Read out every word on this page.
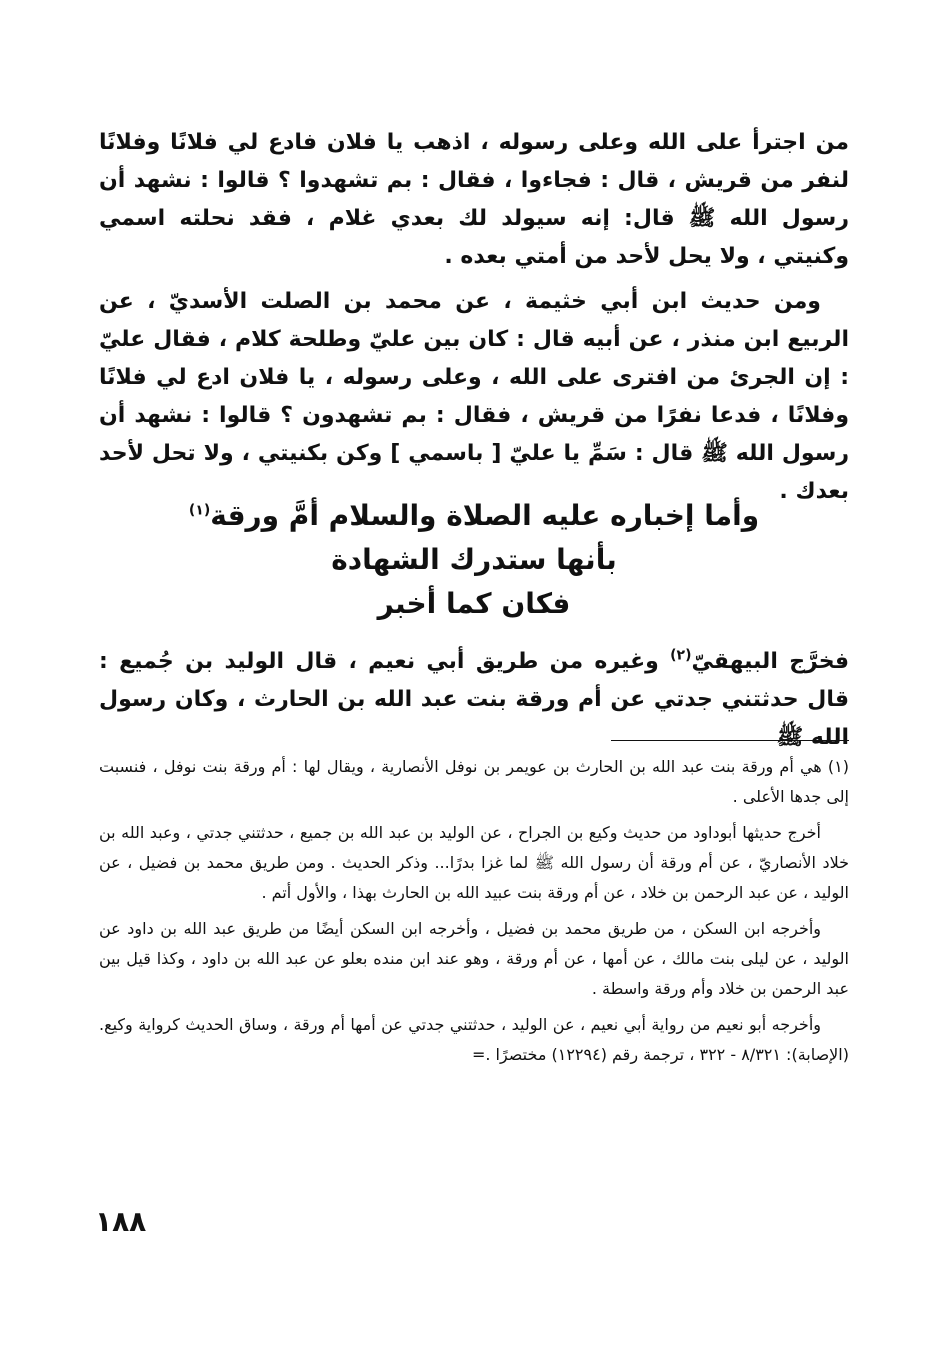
من اجترأ على الله وعلى رسوله ، اذهب يا فلان فادع لي فلانًا وفلانًا لنفر من قريش ، قال : فجاءوا ، فقال : بم تشهدوا ؟ قالوا : نشهد أن رسول الله ﷺ قال: إنه سيولد لك بعدي غلام ، فقد نحلته اسمي وكنيتي ، ولا يحل لأحد من أمتي بعده .

ومن حديث ابن أبي خثيمة ، عن محمد بن الصلت الأسديّ ، عن الربيع ابن منذر ، عن أبيه قال : كان بين عليّ وطلحة كلام ، فقال عليّ : إن الجرئ من افترى على الله ، وعلى رسوله ، يا فلان ادع لي فلانًا وفلانًا ، فدعا نفرًا من قريش ، فقال : بم تشهدون ؟ قالوا : نشهد أن رسول الله ﷺ قال : سَمِّ يا عليّ [ باسمي ] وكن بكنيتي ، ولا تحل لأحد بعدك .

وأما إخباره عليه الصلاة والسلام أمَّ ورقة$^{(١)}$
بأنها ستدرك الشهادة
فكان كما أخبر
فخرَّج البيهقيّ$^{(٢)}$ وغيره من طريق أبي نعيم ، قال الوليد بن جُميع : قال حدثتني جدتي عن أم ورقة بنت عبد الله بن الحارث ، وكان رسول الله ﷺ

(١) هي أم ورقة بنت عبد الله بن الحارث بن عويمر بن نوفل الأنصارية ، ويقال لها : أم ورقة بنت نوفل ، فنسبت إلى جدها الأعلى .

أخرج حديثها أبوداود من حديث وكيع بن الجراح ، عن الوليد بن عبد الله بن جميع ، حدثتني جدتي ، وعبد الله بن خلاد الأنصاريّ ، عن أم ورقة أن رسول الله ﷺ لما غزا بدرًا... وذكر الحديث . ومن طريق محمد بن فضيل ، عن الوليد ، عن عبد الرحمن بن خلاد ، عن أم ورقة بنت عبيد الله بن الحارث بهذا ، والأول أتم .

وأخرجه ابن السكن ، من طريق محمد بن فضيل ، وأخرجه ابن السكن أيضًا من طريق عبد الله بن داود عن الوليد ، عن ليلى بنت مالك ، عن أمها ، عن أم ورقة ، وهو عند ابن منده بعلو عن عبد الله بن داود ، وكذا قيل بين عبد الرحمن بن خلاد وأم ورقة واسطة .

وأخرجه أبو نعيم من رواية أبي نعيم ، عن الوليد ، حدثتني جدتي عن أمها أم ورقة ، وساق الحديث كرواية وكيع. (الإصابة): ٨/٣٢١ - ٣٢٢ ، ترجمة رقم (١٢٢٩٤) مختصرًا .=

١٨٨
